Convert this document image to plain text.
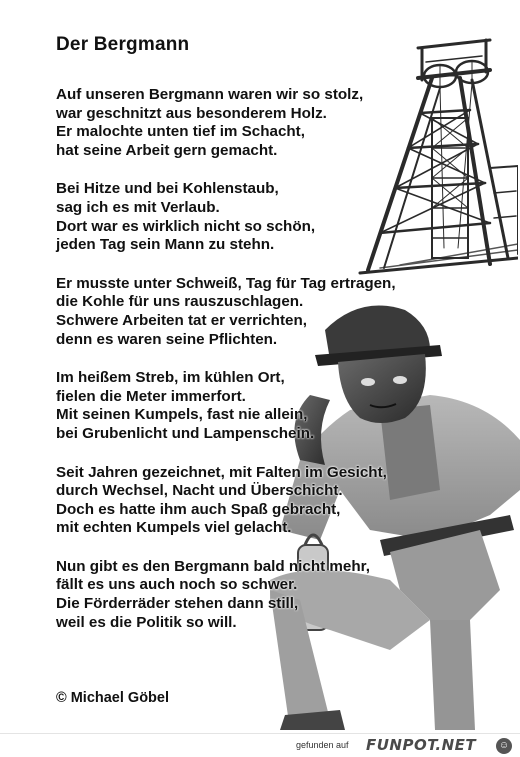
Der Bergmann
Auf unseren Bergmann waren wir so stolz,
war geschnitzt aus besonderem Holz.
Er malochte unten tief im Schacht,
hat seine Arbeit gern gemacht.
Bei Hitze und bei Kohlenstaub,
sag ich es mit Verlaub.
Dort war es wirklich nicht so schön,
jeden Tag sein Mann zu stehn.
Er musste unter Schweiß, Tag für Tag ertragen,
die Kohle für uns rauszuschlagen.
Schwere Arbeiten tat er verrichten,
denn es waren seine Pflichten.
Im heißem Streb, im kühlen Ort,
fielen die Meter immerfort.
Mit seinen Kumpels, fast nie allein,
bei Grubenlicht und Lampenschein.
Seit Jahren gezeichnet, mit Falten im Gesicht,
durch Wechsel, Nacht und Überschicht.
Doch es hatte ihm auch Spaß gebracht,
mit echten Kumpels viel gelacht.
Nun gibt es den Bergmann bald nicht mehr,
fällt es uns auch noch so schwer.
Die Förderräder stehen dann still,
weil es die Politik so will.
© Michael Göbel
gefunden auf FUNPOT.NET ☺
